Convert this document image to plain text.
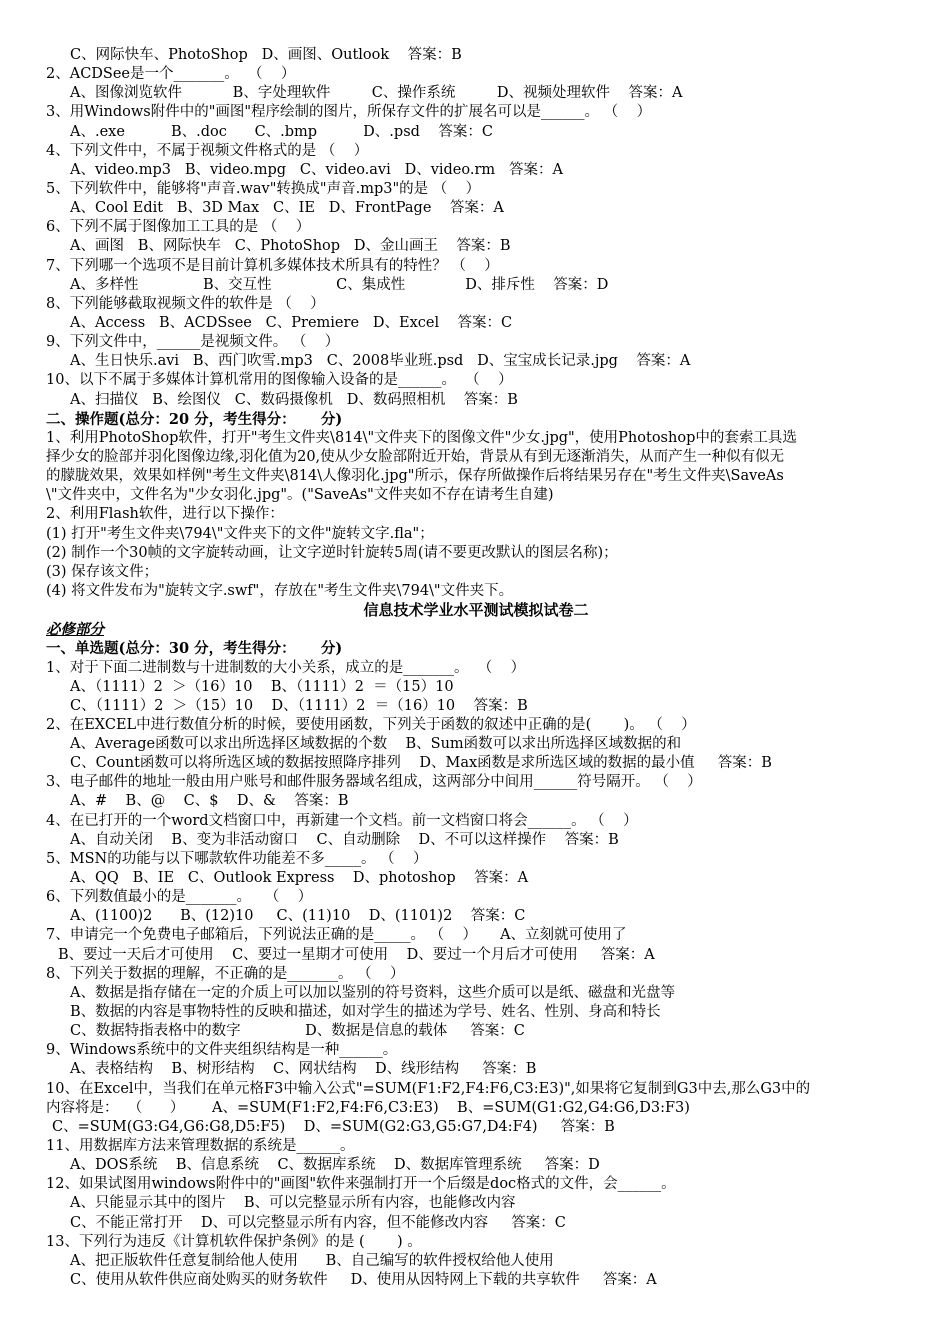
C、网际快车、PhotoShop   D、画图、Outlook    答案：B
2、ACDSee是一个_______。  （    ）
A、图像浏览软件           B、字处理软件         C、操作系统         D、视频处理软件    答案：A
3、用Windows附件中的"画图"程序绘制的图片，所保存文件的扩展名可以是______。 （    ）
A、.exe          B、.doc      C、.bmp          D、.psd    答案：C
4、下列文件中，不属于视频文件格式的是 （    ）
A、video.mp3   B、video.mpg   C、video.avi   D、video.rm   答案：A
5、下列软件中，能够将"声音.wav"转换成"声音.mp3"的是 （    ）
A、Cool Edit   B、3D Max   C、IE   D、FrontPage    答案：A
6、下列不属于图像加工工具的是 （    ）
A、画图   B、网际快车   C、PhotoShop   D、金山画王    答案：B
7、下列哪一个选项不是目前计算机多媒体技术所具有的特性？ （    ）
A、多样性              B、交互性              C、集成性             D、排斥性    答案：D
8、下列能够截取视频文件的软件是 （    ）
A、Access   B、ACDSsee   C、Premiere   D、Excel    答案：C
9、下列文件中，______是视频文件。 （    ）
A、生日快乐.avi   B、西门吹雪.mp3   C、2008毕业班.psd   D、宝宝成长记录.jpg    答案：A
10、以下不属于多媒体计算机常用的图像输入设备的是______。  （    ）
A、扫描仪   B、绘图仪   C、数码摄像机   D、数码照相机    答案：B
二、操作题(总分：20 分，考生得分：     分)
1、利用PhotoShop软件，打开"考生文件夹\814\"文件夹下的图像文件"少女.jpg"，使用Photoshop中的套索工具选
择少女的脸部并羽化图像边缘,羽化值为20,使从少女脸部附近开始，背景从有到无逐渐消失，从而产生一种似有似无
的朦胧效果，效果如样例"考生文件夹\814\人像羽化.jpg"所示，保存所做操作后将结果另存在"考生文件夹\SaveAs
\"文件夹中，文件名为"少女羽化.jpg"。("SaveAs"文件夹如不存在请考生自建)
2、利用Flash软件，进行以下操作：
(1) 打开"考生文件夹\794\"文件夹下的文件"旋转文字.fla"；
(2) 制作一个30帧的文字旋转动画，让文字逆时针旋转5周(请不要更改默认的图层名称)；
(3) 保存该文件；
(4) 将文件发布为"旋转文字.swf"，存放在"考生文件夹\794\"文件夹下。
信息技术学业水平测试模拟试卷二
必修部分
一、单选题(总分：30 分，考生得分：     分)
1、对于下面二进制数与十进制数的大小关系，成立的是_______。  （    ）
A、（1111）2  ＞（16）10    B、（1111）2  ＝（15）10
C、（1111）2  ＞（15）10    D、（1111）2  ＝（16）10    答案：B
2、在EXCEL中进行数值分析的时候，要使用函数，下列关于函数的叙述中正确的是(       )。 （    ）
A、Average函数可以求出所选择区域数据的个数    B、Sum函数可以求出所选择区域数据的和
C、Count函数可以将所选区域的数据按照降序排列    D、Max函数是求所选区域的数据的最小值     答案：B
3、电子邮件的地址一般由用户账号和邮件服务器域名组成，这两部分中间用______符号隔开。 （    ）
A、#    B、@    C、$    D、&    答案：B
4、在已打开的一个word文档窗口中，再新建一个文档。前一文档窗口将会______。 （    ）
A、自动关闭    B、变为非活动窗口    C、自动删除    D、不可以这样操作    答案：B
5、MSN的功能与以下哪款软件功能差不多_____。 （    ）
A、QQ   B、IE   C、Outlook Express    D、photoshop    答案：A
6、下列数值最小的是_______。   （    ）
A、(1100)2      B、(12)10     C、(11)10    D、(1101)2    答案：C
7、申请完一个免费电子邮箱后，下列说法正确的是_____。 （    ）     A、立刻就可使用了
B、要过一天后才可使用    C、要过一星期才可使用    D、要过一个月后才可使用     答案：A
8、下列关于数据的理解，不正确的是_______。 （    ）
A、数据是指存储在一定的介质上可以加以鉴别的符号资料，这些介质可以是纸、磁盘和光盘等
B、数据的内容是事物特性的反映和描述，如对学生的描述为学号、姓名、性别、身高和特长
C、数据特指表格中的数字              D、数据是信息的载体     答案：C
9、Windows系统中的文件夹组织结构是一种______。
A、表格结构    B、树形结构    C、网状结构    D、线形结构     答案：B
10、在Excel中，当我们在单元格F3中输入公式"=SUM(F1:F2,F4:F6,C3:E3)",如果将它复制到G3中去,那么G3中的
内容将是：  （      ）      A、=SUM(F1:F2,F4:F6,C3:E3)    B、=SUM(G1:G2,G4:G6,D3:F3)
C、=SUM(G3:G4,G6:G8,D5:F5)    D、=SUM(G2:G3,G5:G7,D4:F4)     答案：B
11、用数据库方法来管理数据的系统是______。
A、DOS系统    B、信息系统    C、数据库系统    D、数据库管理系统     答案：D
12、如果试图用windows附件中的"画图"软件来强制打开一个后缀是doc格式的文件，会______。
A、只能显示其中的图片    B、可以完整显示所有内容，也能修改内容
C、不能正常打开    D、可以完整显示所有内容，但不能修改内容     答案：C
13、下列行为违反《计算机软件保护条例》的是 (       ) 。
A、把正版软件任意复制给他人使用      B、自己编写的软件授权给他人使用
C、使用从软件供应商处购买的财务软件     D、使用从因特网上下载的共享软件     答案：A
